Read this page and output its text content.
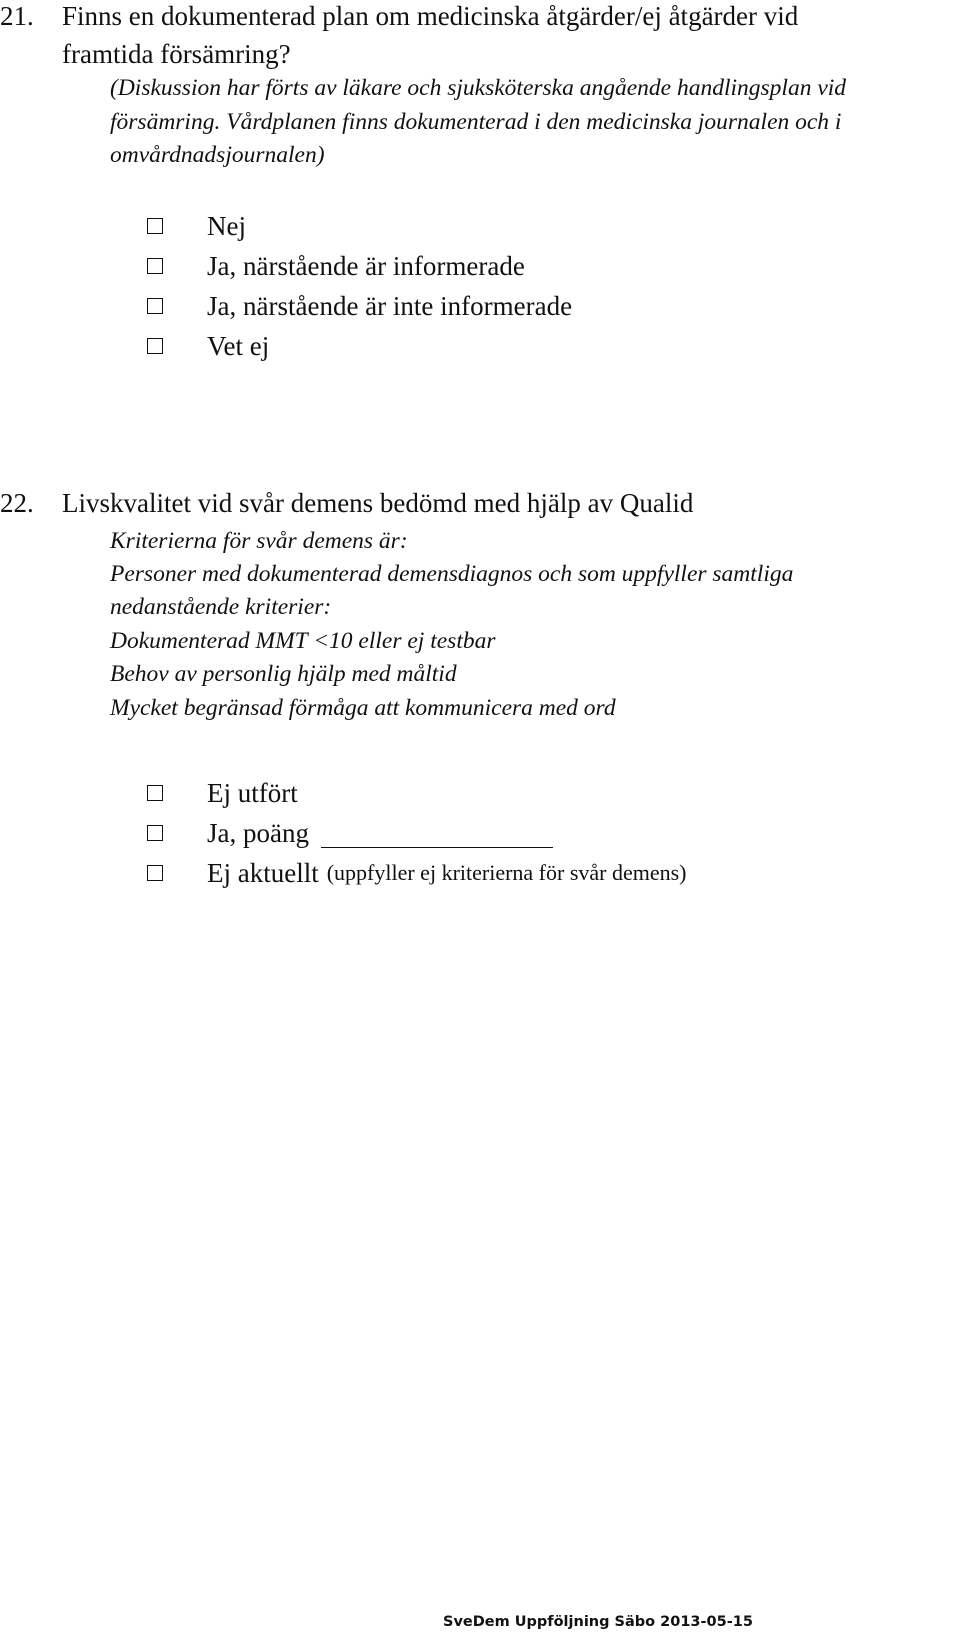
21. Finns en dokumenterad plan om medicinska åtgärder/ej åtgärder vid
framtida försämring?
(Diskussion har förts av läkare och sjuksköterska angående handlingsplan vid
försämring. Vårdplanen finns dokumenterad i den medicinska journalen och i
omvårdnadsjournalen)
Nej
Ja, närstående är informerade
Ja, närstående är inte informerade
Vet ej
22. Livskvalitet vid svår demens bedömd med hjälp av Qualid
Kriterierna för svår demens är:
Personer med dokumenterad demensdiagnos och som uppfyller samtliga
nedanstående kriterier:
Dokumenterad MMT <10 eller ej testbar
Behov av personlig hjälp med måltid
Mycket begränsad förmåga att kommunicera med ord
Ej utfört
Ja, poäng
Ej aktuellt (uppfyller ej kriterierna för svår demens)
SveDem Uppföljning Säbo 2013-05-15
